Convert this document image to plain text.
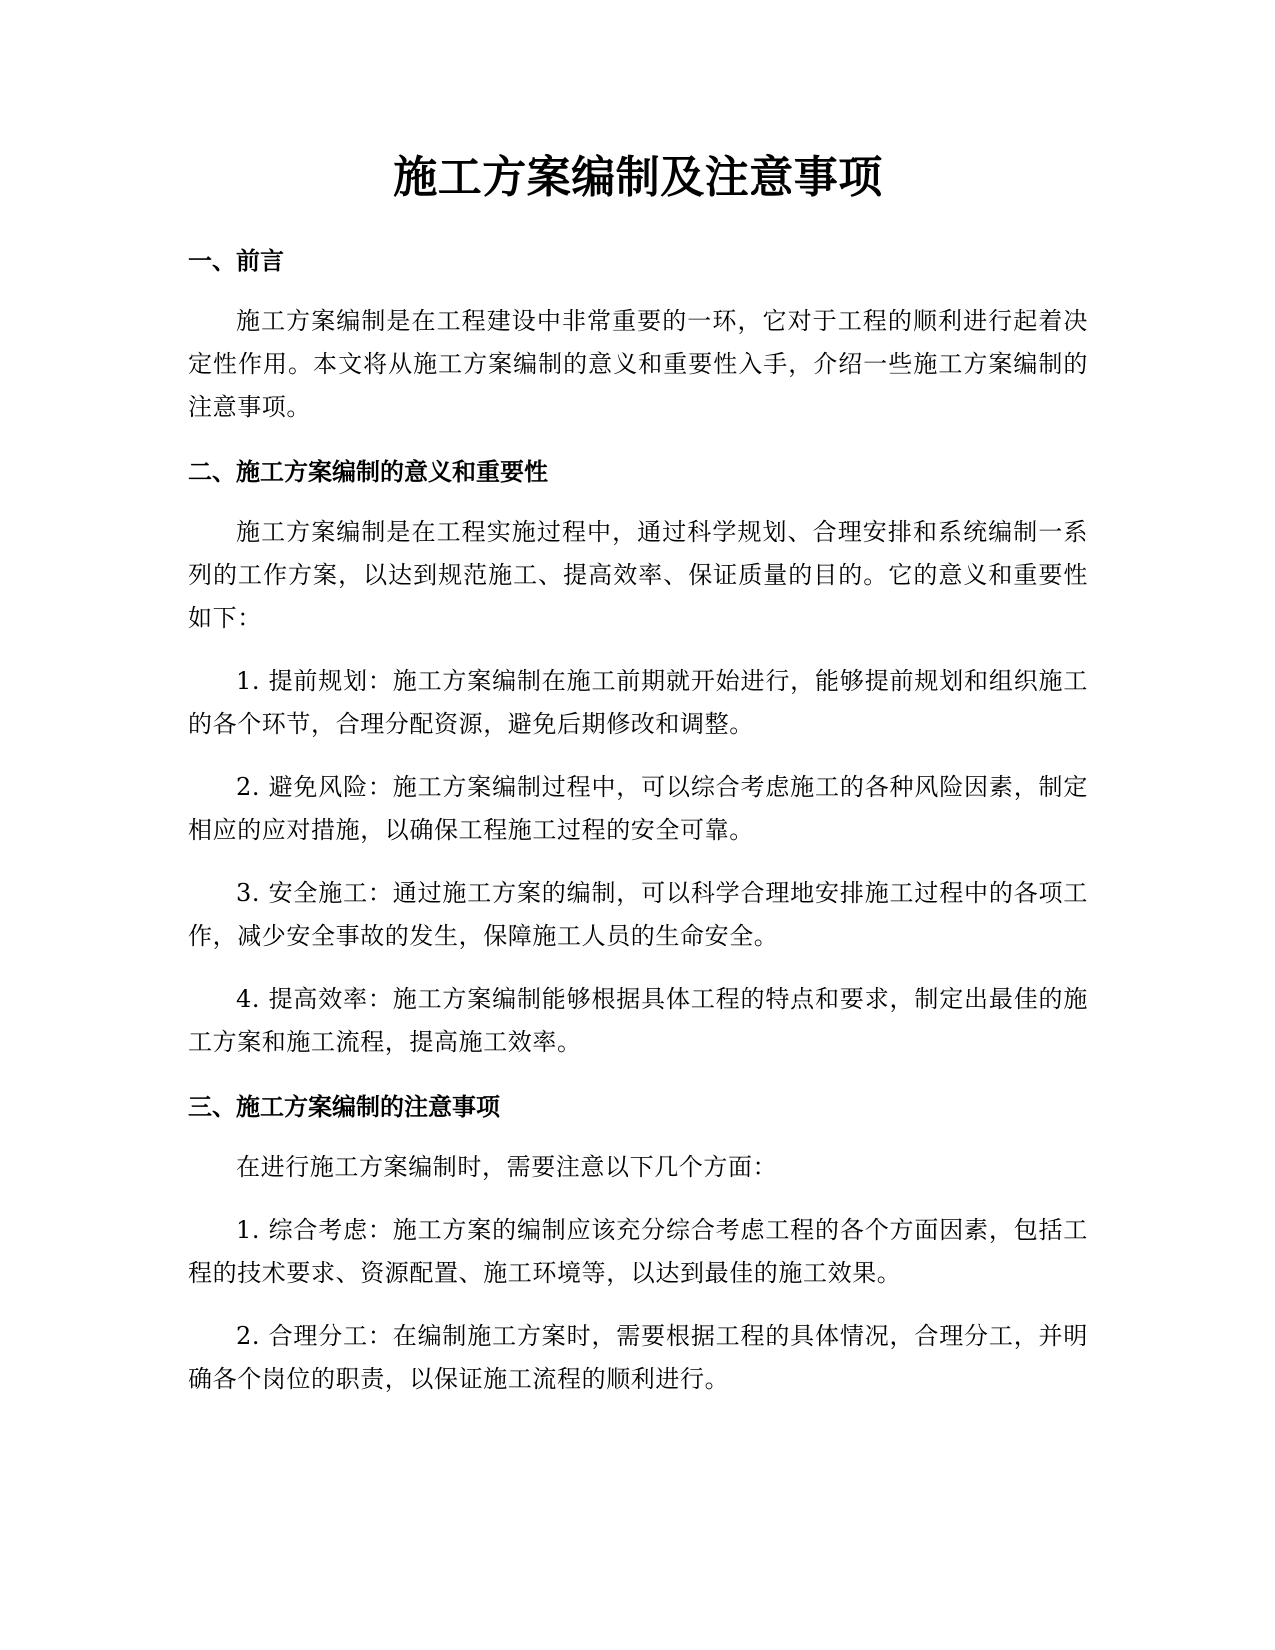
施工方案编制及注意事项
一、前言

施工方案编制是在工程建设中非常重要的一环，它对于工程的顺利进行起着决定性作用。本文将从施工方案编制的意义和重要性入手，介绍一些施工方案编制的注意事项。

二、施工方案编制的意义和重要性

施工方案编制是在工程实施过程中，通过科学规划、合理安排和系统编制一系列的工作方案，以达到规范施工、提高效率、保证质量的目的。它的意义和重要性如下：

1. 提前规划：施工方案编制在施工前期就开始进行，能够提前规划和组织施工的各个环节，合理分配资源，避免后期修改和调整。

2. 避免风险：施工方案编制过程中，可以综合考虑施工的各种风险因素，制定相应的应对措施，以确保工程施工过程的安全可靠。

3. 安全施工：通过施工方案的编制，可以科学合理地安排施工过程中的各项工作，减少安全事故的发生，保障施工人员的生命安全。

4. 提高效率：施工方案编制能够根据具体工程的特点和要求，制定出最佳的施工方案和施工流程，提高施工效率。

三、施工方案编制的注意事项

在进行施工方案编制时，需要注意以下几个方面：

1. 综合考虑：施工方案的编制应该充分综合考虑工程的各个方面因素，包括工程的技术要求、资源配置、施工环境等，以达到最佳的施工效果。

2. 合理分工：在编制施工方案时，需要根据工程的具体情况，合理分工，并明确各个岗位的职责，以保证施工流程的顺利进行。
